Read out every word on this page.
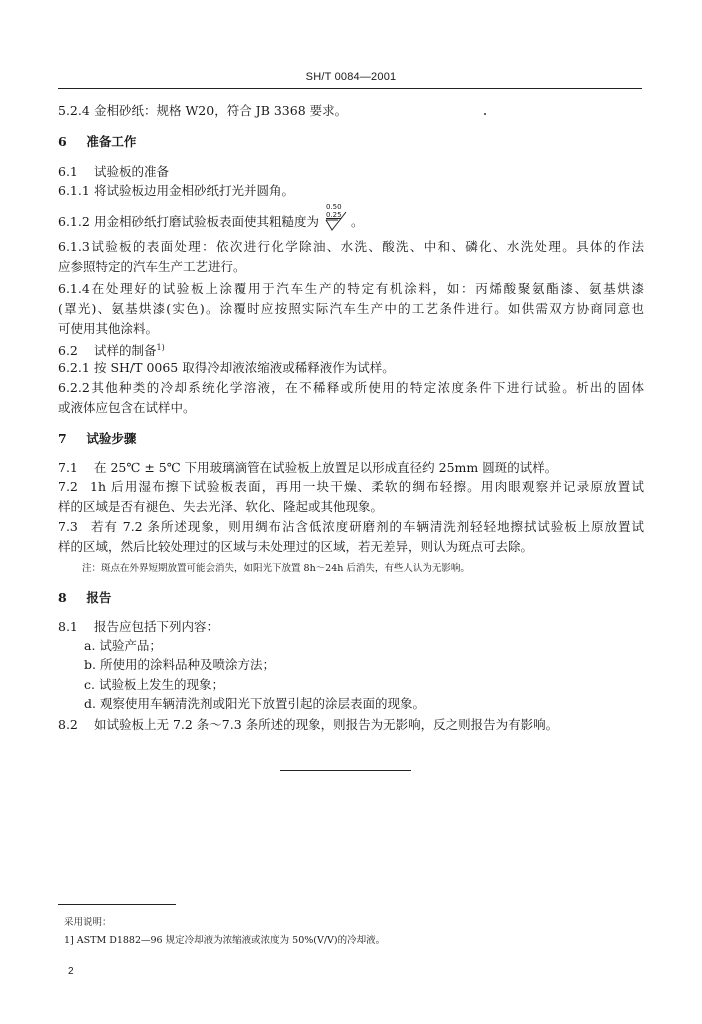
SH/T 0084—2001
5.2.4 金相砂纸：规格 W20，符合 JB 3368 要求。
6 准备工作
6.1 试验板的准备
6.1.1 将试验板边用金相砂纸打光并圆角。
6.1.2 用金相砂纸打磨试验板表面使其粗糙度为
0.50
0.25 。
6.1.3试验板的表面处理：依次进行化学除油、水洗、酸洗、中和、磷化、水洗处理。具体的作法
应参照特定的汽车生产工艺进行。
6.1.4在处理好的试验板上涂覆用于汽车生产的特定有机涂料，如：丙烯酸聚氨酯漆、氨基烘漆
(罩光)、氨基烘漆(实色)。涂覆时应按照实际汽车生产中的工艺条件进行。如供需双方协商同意也
可使用其他涂料。
6.2 试样的制备$^{1)}$
6.2.1 按 SH/T 0065 取得冷却液浓缩液或稀释液作为试样。
6.2.2其他种类的冷却系统化学溶液，在不稀释或所使用的特定浓度条件下进行试验。析出的固体
或液体应包含在试样中。
7 试验步骤
7.1 在 25℃ ± 5℃ 下用玻璃滴管在试验板上放置足以形成直径约 25mm 圆斑的试样。
7.2 1h 后用湿布擦下试验板表面，再用一块干燥、柔软的绸布轻擦。用肉眼观察并记录原放置试
样的区域是否有褪色、失去光泽、软化、隆起或其他现象。
7.3 若有 7.2 条所述现象，则用绸布沾含低浓度研磨剂的车辆清洗剂轻轻地擦拭试验板上原放置试
样的区域，然后比较处理过的区域与未处理过的区域，若无差异，则认为斑点可去除。
注：斑点在外界短期放置可能会消失，如阳光下放置 8h～24h 后消失，有些人认为无影响。
8 报告
8.1 报告应包括下列内容：
a. 试验产品；
b. 所使用的涂料品种及喷涂方法；
c. 试验板上发生的现象；
d. 观察使用车辆清洗剂或阳光下放置引起的涂层表面的现象。
8.2 如试验板上无 7.2 条～7.3 条所述的现象，则报告为无影响，反之则报告为有影响。
采用说明：
1] ASTM D1882—96 规定冷却液为浓缩液或浓度为 50%(V/V)的冷却液。
2
